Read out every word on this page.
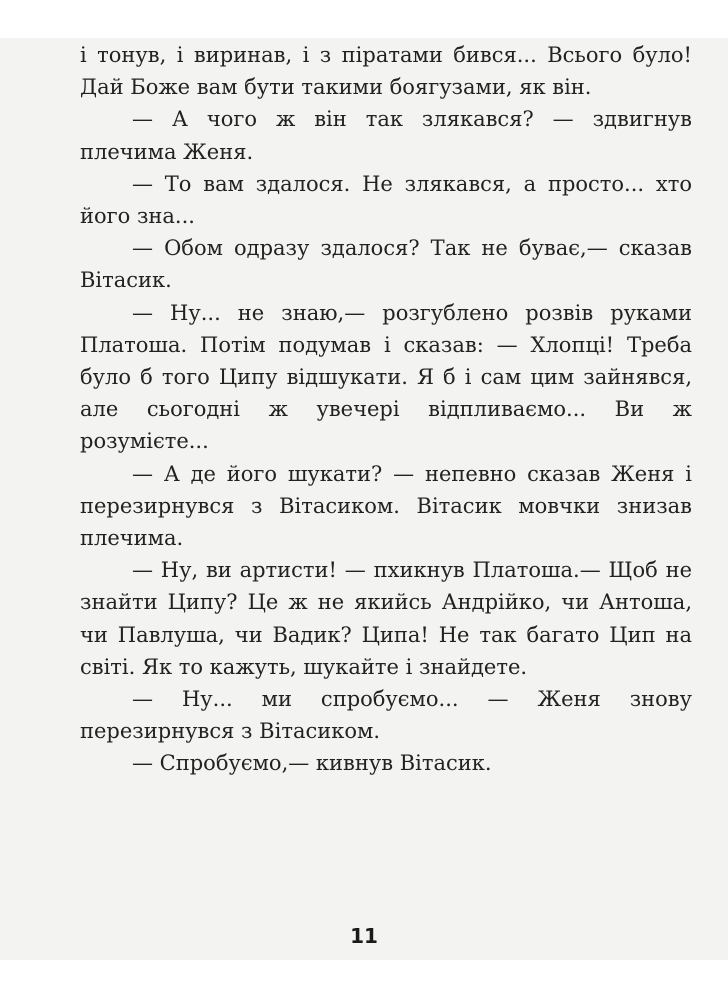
і тонув, і виринав, і з піратами бився... Всього було! Дай Боже вам бути такими боягузами, як він.

— А чого ж він так злякався? — здвигнув плечима Женя.

— То вам здалося. Не злякався, а просто... хто його зна...

— Обом одразу здалося? Так не буває,— сказав Вітасик.

— Ну... не знаю,— розгублено розвів руками Платоша. Потім подумав і сказав: — Хлопці! Треба було б того Ципу відшукати. Я б і сам цим зайнявся, але сьогодні ж увечері відпливаємо... Ви ж розумієте...

— А де його шукати? — непевно сказав Женя і перезирнувся з Вітасиком. Вітасик мовчки знизав плечима.

— Ну, ви артисти! — пхикнув Платоша.— Щоб не знайти Ципу? Це ж не якийсь Андрійко, чи Антоша, чи Павлуша, чи Вадик? Ципа! Не так багато Цип на світі. Як то кажуть, шукайте і знайдете.

— Ну... ми спробуємо... — Женя знову перезирнувся з Вітасиком.

— Спробуємо,— кивнув Вітасик.

11
